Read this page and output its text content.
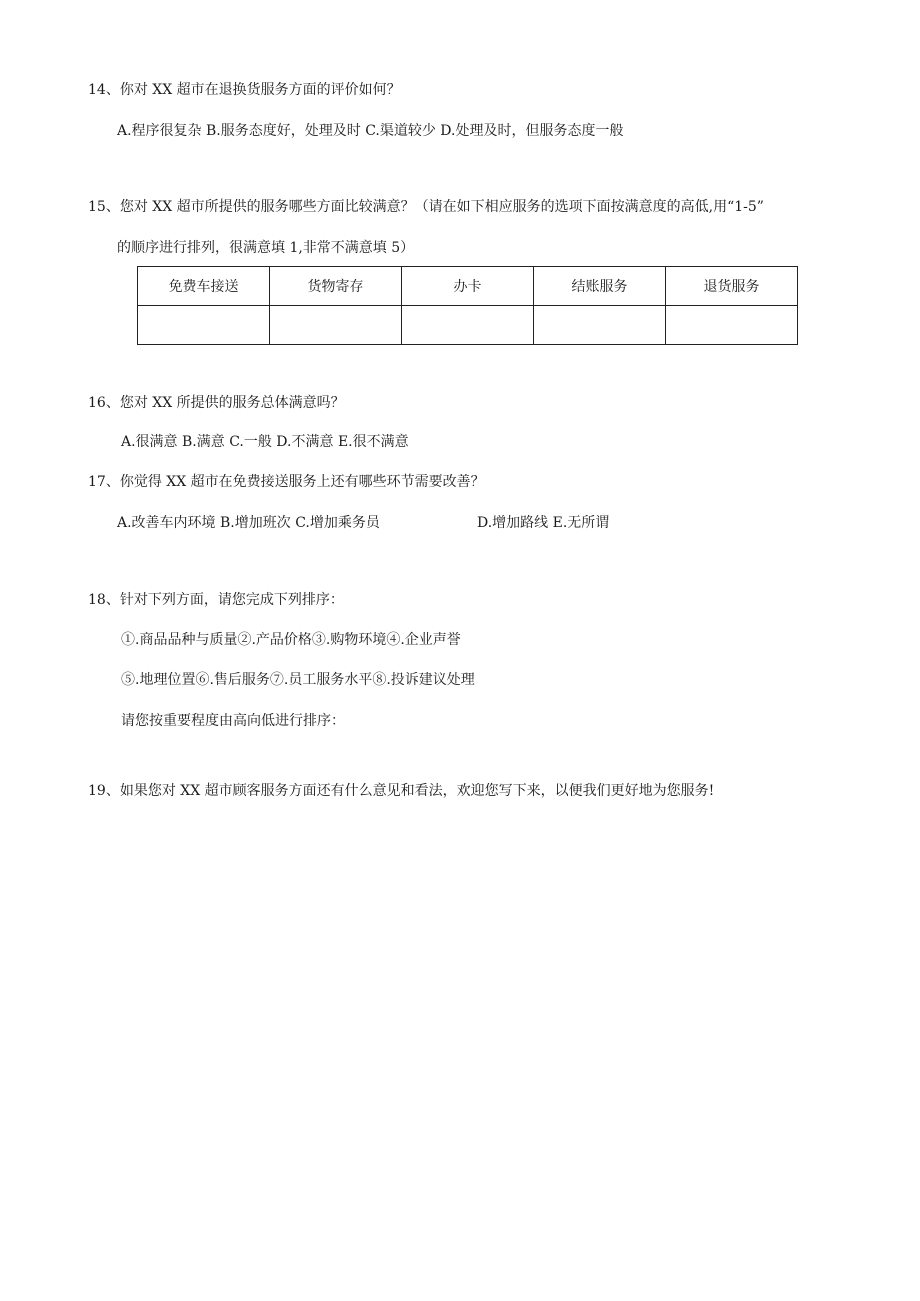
14、你对 XX 超市在退换货服务方面的评价如何？
A.程序很复杂 B.服务态度好，处理及时 C.渠道较少 D.处理及时，但服务态度一般
15、您对 XX 超市所提供的服务哪些方面比较满意？（请在如下相应服务的选项下面按满意度的高低,用“1-5”
的顺序进行排列，很满意填 1,非常不满意填 5）
免费车接送	货物寄存	办卡	结账服务	退货服务

16、您对 XX 所提供的服务总体满意吗？
A.很满意 B.满意 C.一般 D.不满意 E.很不满意
17、你觉得 XX 超市在免费接送服务上还有哪些环节需要改善？
A.改善车内环境 B.增加班次 C.增加乘务员	D.增加路线 E.无所谓
18、针对下列方面，请您完成下列排序：
①.商品品种与质量②.产品价格③.购物环境④.企业声誉
⑤.地理位置⑥.售后服务⑦.员工服务水平⑧.投诉建议处理
请您按重要程度由高向低进行排序：
19、如果您对 XX 超市顾客服务方面还有什么意见和看法，欢迎您写下来，以便我们更好地为您服务!
